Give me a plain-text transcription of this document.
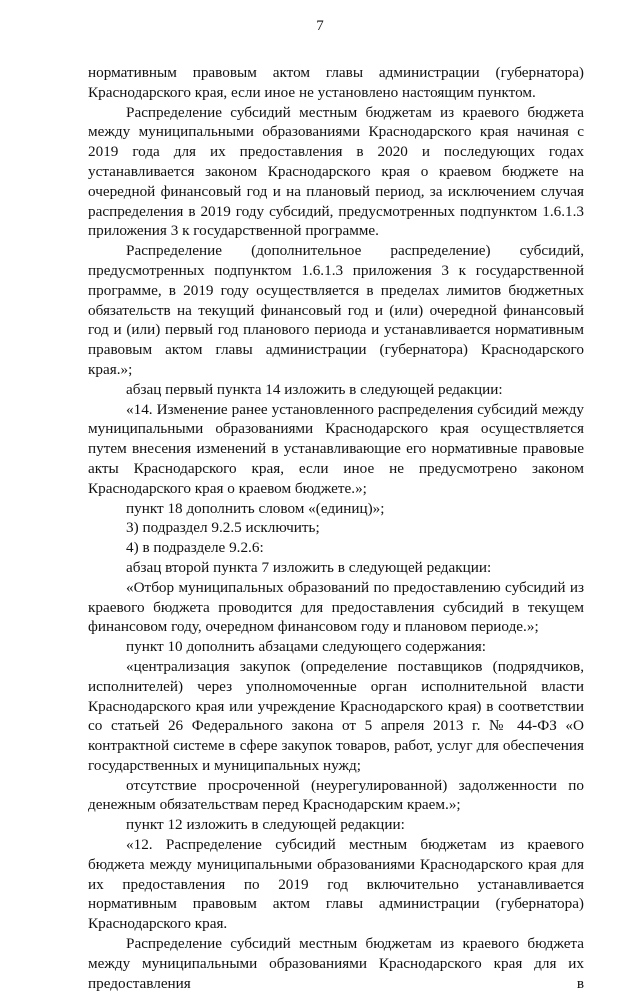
7

нормативным правовым актом главы администрации (губернатора) Краснодарского края, если иное не установлено настоящим пунктом.

Распределение субсидий местным бюджетам из краевого бюджета между муниципальными образованиями Краснодарского края начиная с 2019 года для их предоставления в 2020 и последующих годах устанавливается законом Краснодарского края о краевом бюджете на очередной финансовый год и на плановый период, за исключением случая распределения в 2019 году субсидий, предусмотренных подпунктом 1.6.1.3 приложения 3 к государственной программе.

Распределение (дополнительное распределение) субсидий, предусмотренных подпунктом 1.6.1.3 приложения 3 к государственной программе, в 2019 году осуществляется в пределах лимитов бюджетных обязательств на текущий финансовый год и (или) очередной финансовый год и (или) первый год планового периода и устанавливается нормативным правовым актом главы администрации (губернатора) Краснодарского края.»;

абзац первый пункта 14 изложить в следующей редакции:

«14. Изменение ранее установленного распределения субсидий между муниципальными образованиями Краснодарского края осуществляется путем внесения изменений в устанавливающие его нормативные правовые акты Краснодарского края, если иное не предусмотрено законом Краснодарского края о краевом бюджете.»;

пункт 18 дополнить словом «(единиц)»;

3) подраздел 9.2.5 исключить;

4) в подразделе 9.2.6:

абзац второй пункта 7 изложить в следующей редакции:

«Отбор муниципальных образований по предоставлению субсидий из краевого бюджета проводится для предоставления субсидий в текущем финансовом году, очередном финансовом году и плановом периоде.»;

пункт 10 дополнить абзацами следующего содержания:

«централизация закупок (определение поставщиков (подрядчиков, исполнителей) через уполномоченные орган исполнительной власти Краснодарского края или учреждение Краснодарского края) в соответствии со статьей 26 Федерального закона от 5 апреля 2013 г. № 44-ФЗ «О контрактной системе в сфере закупок товаров, работ, услуг для обеспечения государственных и муниципальных нужд;

отсутствие просроченной (неурегулированной) задолженности по денежным обязательствам перед Краснодарским краем.»;

пункт 12 изложить в следующей редакции:

«12. Распределение субсидий местным бюджетам из краевого бюджета между муниципальными образованиями Краснодарского края для их предоставления по 2019 год включительно устанавливается нормативным правовым актом главы администрации (губернатора) Краснодарского края.

Распределение субсидий местным бюджетам из краевого бюджета между муниципальными образованиями Краснодарского края для их предоставления в
